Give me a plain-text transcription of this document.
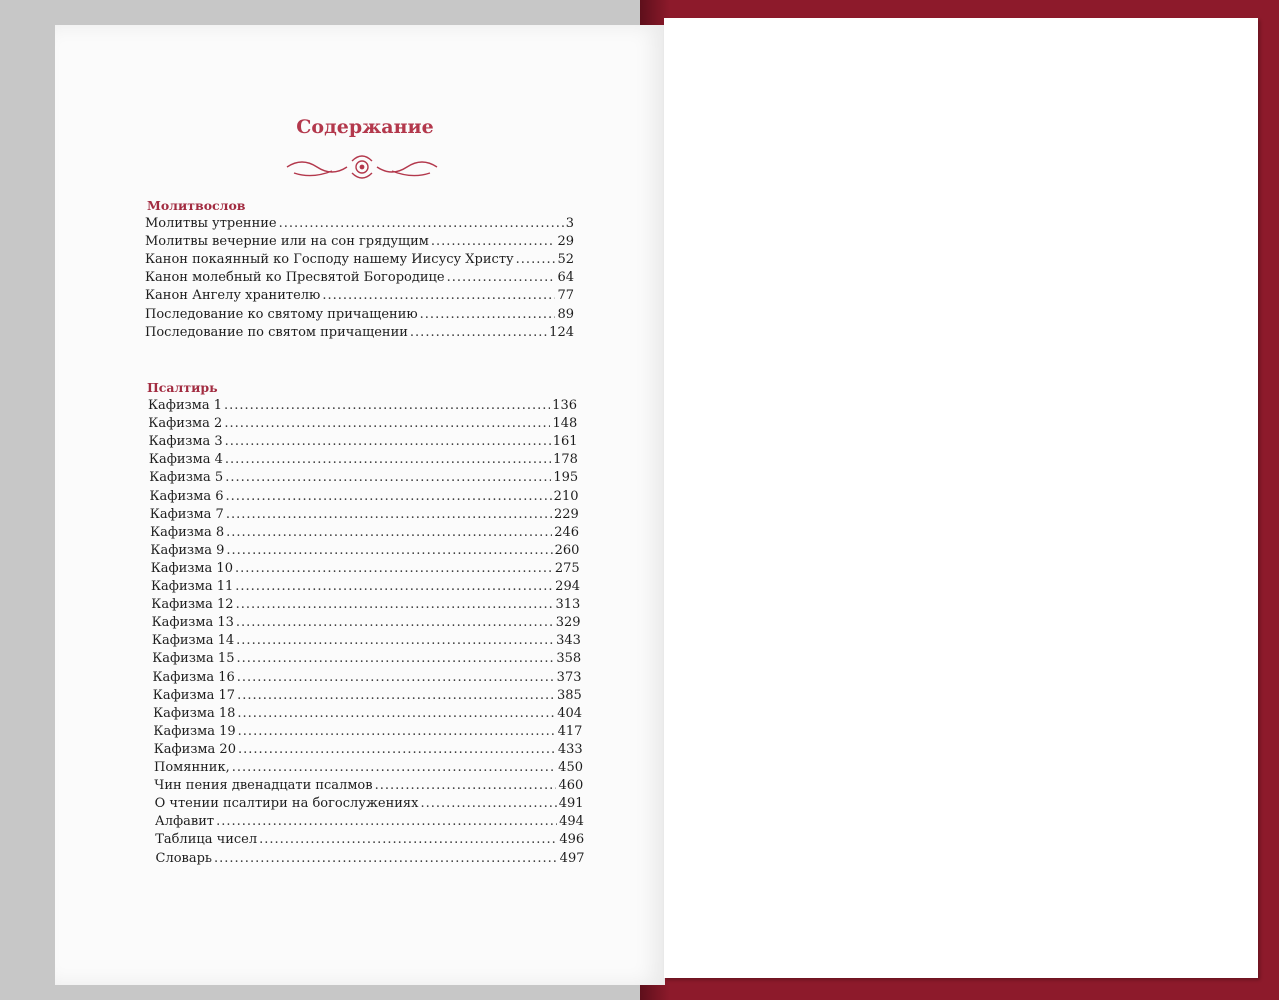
Содержание
Молитвослов
Молитвы утренние .....	3
Молитвы вечерние или на сон грядущим .....	29
Канон покаянный ко Господу нашему Иисусу Христу .....	52
Канон молебный ко Пресвятой Богородице .....	64
Канон Ангелу хранителю .....	77
Последование ко святому причащению .....	89
Последование по святом причащении .....	124
Псалтирь
Кафизма 1 .....	136
Кафизма 2 .....	148
Кафизма 3 .....	161
Кафизма 4 .....	178
Кафизма 5 .....	195
Кафизма 6 .....	210
Кафизма 7 .....	229
Кафизма 8 .....	246
Кафизма 9 .....	260
Кафизма 10 .....	275
Кафизма 11 .....	294
Кафизма 12 .....	313
Кафизма 13 .....	329
Кафизма 14 .....	343
Кафизма 15 .....	358
Кафизма 16 .....	373
Кафизма 17 .....	385
Кафизма 18 .....	404
Кафизма 19 .....	417
Кафизма 20 .....	433
Помянник, .....	450
Чин пения двенадцати псалмов .....	460
О чтении псалтири на богослужениях .....	491
Алфавит .....	494
Таблица чисел .....	496
Словарь .....	497
